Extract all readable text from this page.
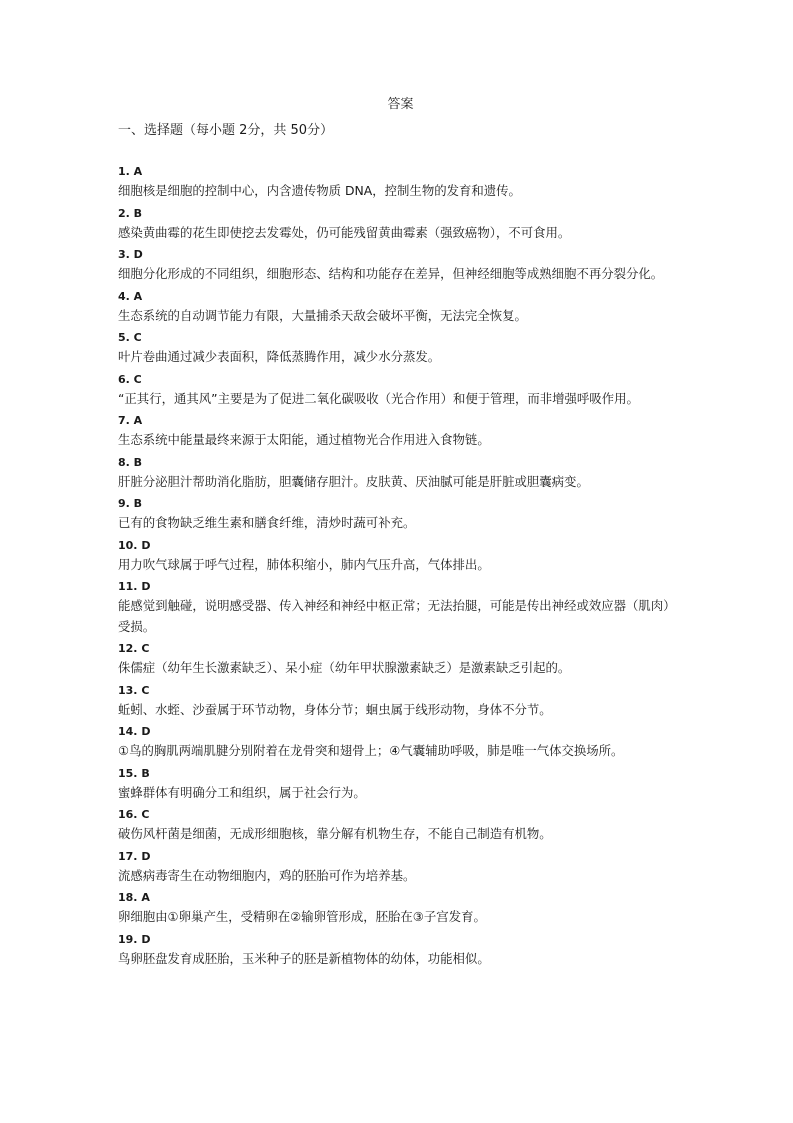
答案
一、选择题（每小题 2分，共 50分）
1. A
细胞核是细胞的控制中心，内含遗传物质 DNA，控制生物的发育和遗传。
2. B
感染黄曲霉的花生即使挖去发霉处，仍可能残留黄曲霉素（强致癌物），不可食用。
3. D
细胞分化形成的不同组织，细胞形态、结构和功能存在差异，但神经细胞等成熟细胞不再分裂分化。
4. A
生态系统的自动调节能力有限，大量捕杀天敌会破坏平衡，无法完全恢复。
5. C
叶片卷曲通过减少表面积，降低蒸腾作用，减少水分蒸发。
6. C
“正其行，通其风”主要是为了促进二氧化碳吸收（光合作用）和便于管理，而非增强呼吸作用。
7. A
生态系统中能量最终来源于太阳能，通过植物光合作用进入食物链。
8. B
肝脏分泌胆汁帮助消化脂肪，胆囊储存胆汁。皮肤黄、厌油腻可能是肝脏或胆囊病变。
9. B
已有的食物缺乏维生素和膳食纤维，清炒时蔬可补充。
10. D
用力吹气球属于呼气过程，肺体积缩小，肺内气压升高，气体排出。
11. D
能感觉到触碰，说明感受器、传入神经和神经中枢正常；无法抬腿，可能是传出神经或效应器（肌肉）受损。
12. C
侏儒症（幼年生长激素缺乏）、呆小症（幼年甲状腺激素缺乏）是激素缺乏引起的。
13. C
蚯蚓、水蛭、沙蚕属于环节动物，身体分节；蛔虫属于线形动物，身体不分节。
14. D
①鸟的胸肌两端肌腱分别附着在龙骨突和翅骨上；④气囊辅助呼吸，肺是唯一气体交换场所。
15. B
蜜蜂群体有明确分工和组织，属于社会行为。
16. C
破伤风杆菌是细菌，无成形细胞核，靠分解有机物生存，不能自己制造有机物。
17. D
流感病毒寄生在动物细胞内，鸡的胚胎可作为培养基。
18. A
卵细胞由①卵巢产生，受精卵在②输卵管形成，胚胎在③子宫发育。
19. D
鸟卵胚盘发育成胚胎，玉米种子的胚是新植物体的幼体，功能相似。
